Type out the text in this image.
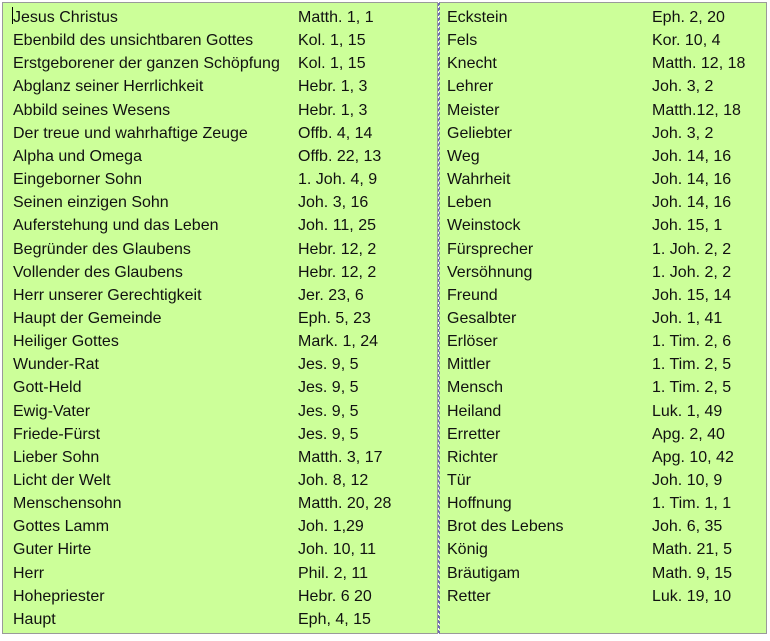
Jesus Christus	Matth. 1, 1
Ebenbild des unsichtbaren Gottes	Kol. 1, 15
Erstgeborener der ganzen Schöpfung Kol. 1, 15
Abglanz seiner Herrlichkeit	Hebr. 1, 3
Abbild seines Wesens	Hebr. 1, 3
Der treue und wahrhaftige Zeuge	Offb. 4, 14
Alpha und Omega	Offb. 22, 13
Eingeborner Sohn	1. Joh. 4, 9
Seinen einzigen Sohn	Joh. 3, 16
Auferstehung und das Leben	Joh. 11, 25
Begründer des Glaubens	Hebr. 12, 2
Vollender des Glaubens	Hebr. 12, 2
Herr unserer Gerechtigkeit	Jer. 23, 6
Haupt der Gemeinde	Eph. 5, 23
Heiliger Gottes	Mark. 1, 24
Wunder-Rat	Jes. 9, 5
Gott-Held	Jes. 9, 5
Ewig-Vater	Jes. 9, 5
Friede-Fürst	Jes. 9, 5
Lieber Sohn	Matth. 3, 17
Licht der Welt	Joh. 8, 12
Menschensohn	Matth. 20, 28
Gottes Lamm	Joh. 1,29
Guter Hirte	Joh. 10, 11
Herr	Phil. 2, 11
Hohepriester	Hebr. 6 20
Haupt	Eph, 4, 15
Eckstein	Eph. 2, 20
Fels	Kor. 10, 4
Knecht	Matth. 12, 18
Lehrer	Joh. 3, 2
Meister	Matth.12, 18
Geliebter	Joh. 3, 2
Weg	Joh. 14, 16
Wahrheit	Joh. 14, 16
Leben	Joh. 14, 16
Weinstock	Joh. 15, 1
Fürsprecher	1. Joh. 2, 2
Versöhnung	1. Joh. 2, 2
Freund	Joh. 15, 14
Gesalbter	Joh. 1, 41
Erlöser	1. Tim. 2, 6
Mittler	1. Tim. 2, 5
Mensch	1. Tim. 2, 5
Heiland	Luk. 1, 49
Erretter	Apg. 2, 40
Richter	Apg. 10, 42
Tür	Joh. 10, 9
Hoffnung	1. Tim. 1, 1
Brot des Lebens	Joh. 6, 35
König	Math. 21, 5
Bräutigam	Math. 9, 15
Retter	Luk. 19, 10
